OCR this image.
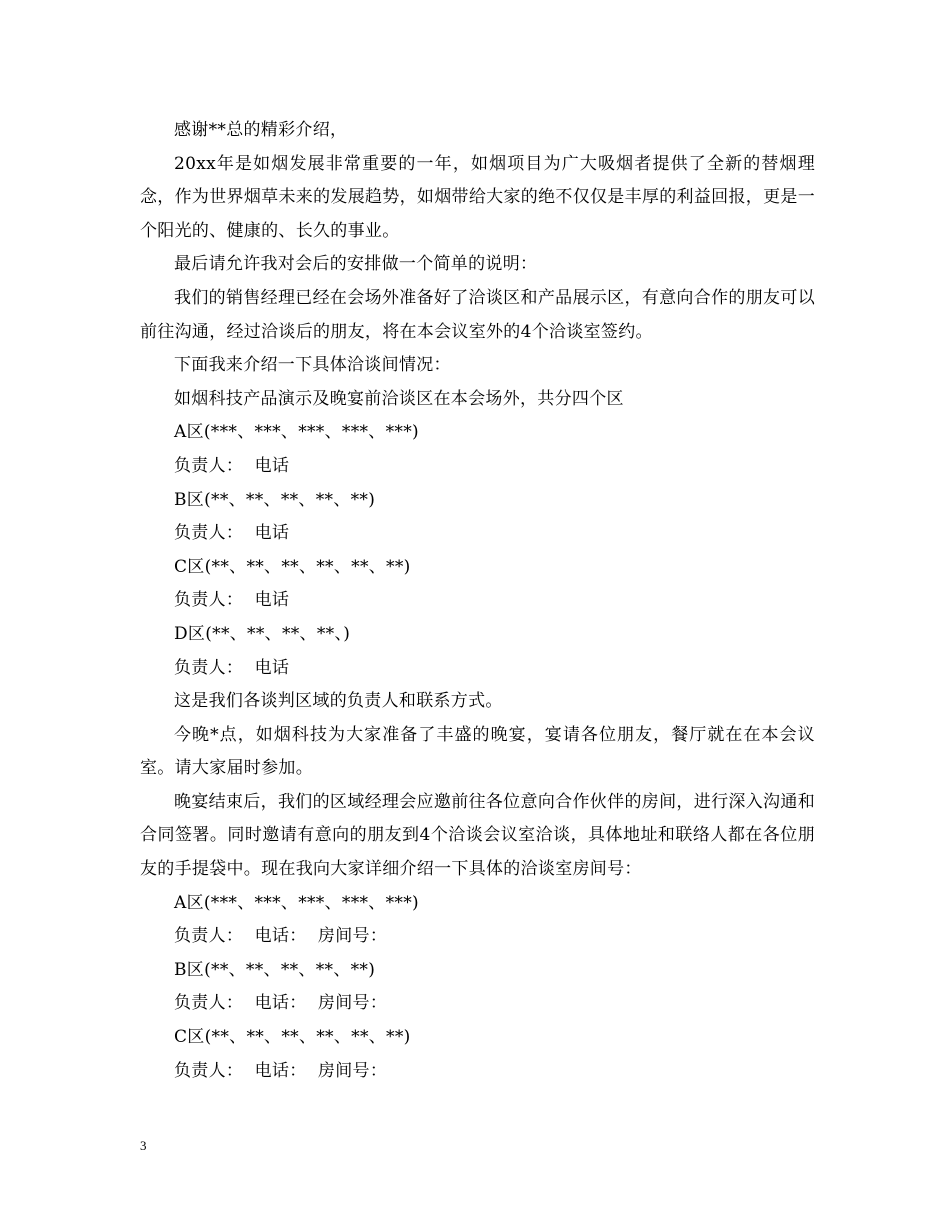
感谢**总的精彩介绍，

20xx年是如烟发展非常重要的一年，如烟项目为广大吸烟者提供了全新的替烟理念，作为世界烟草未来的发展趋势，如烟带给大家的绝不仅仅是丰厚的利益回报，更是一个阳光的、健康的、长久的事业。

最后请允许我对会后的安排做一个简单的说明：

我们的销售经理已经在会场外准备好了洽谈区和产品展示区，有意向合作的朋友可以前往沟通，经过洽谈后的朋友，将在本会议室外的4个洽谈室签约。

下面我来介绍一下具体洽谈间情况：

如烟科技产品演示及晚宴前洽谈区在本会场外，共分四个区

A区(***、***、***、***、***)

负责人：  电话

B区(**、**、**、**、**)

负责人：  电话

C区(**、**、**、**、**、**)

负责人：  电话

D区(**、**、**、**、)

负责人：  电话

这是我们各谈判区域的负责人和联系方式。

今晚*点，如烟科技为大家准备了丰盛的晚宴，宴请各位朋友，餐厅就在在本会议室。请大家届时参加。

晚宴结束后，我们的区域经理会应邀前往各位意向合作伙伴的房间，进行深入沟通和合同签署。同时邀请有意向的朋友到4个洽谈会议室洽谈，具体地址和联络人都在各位朋友的手提袋中。现在我向大家详细介绍一下具体的洽谈室房间号：

A区(***、***、***、***、***)

负责人：  电话：  房间号：

B区(**、**、**、**、**)

负责人：  电话：  房间号：

C区(**、**、**、**、**、**)

负责人：  电话：  房间号：

3
